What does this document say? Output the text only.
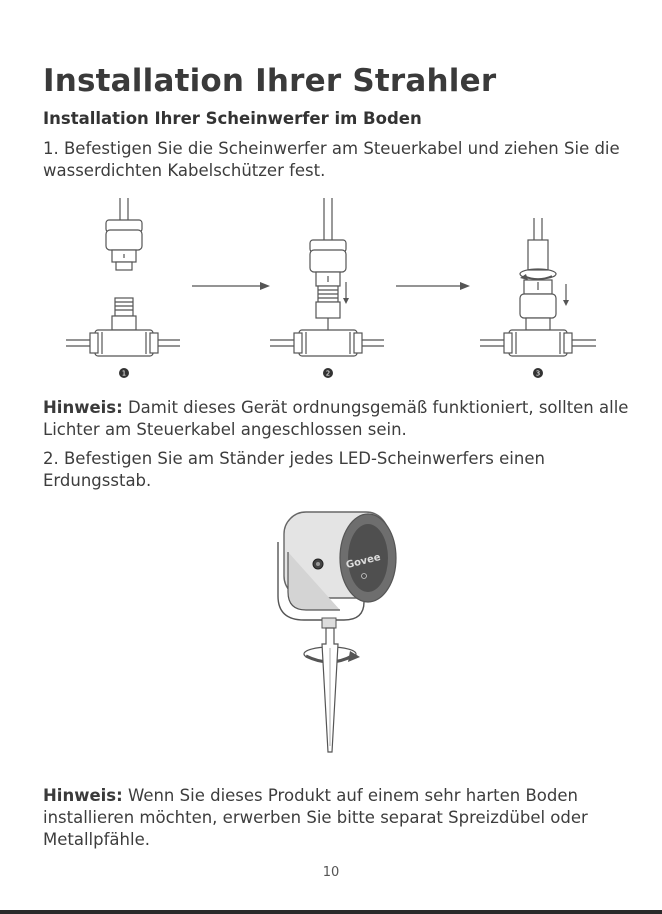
Installation Ihrer Strahler
Installation Ihrer Scheinwerfer im Boden

1. Befestigen Sie die Scheinwerfer am Steuerkabel und ziehen Sie die wasserdichten Kabelschützer fest.

1	2	3

Hinweis: Damit dieses Gerät ordnungsgemäß funktioniert, sollten alle Lichter am Steuerkabel angeschlossen sein.

2. Befestigen Sie am Ständer jedes LED-Scheinwerfers einen Erdungsstab.

Govee

Hinweis: Wenn Sie dieses Produkt auf einem sehr harten Boden installieren möchten, erwerben Sie bitte separat Spreizdübel oder Metallpfähle.

10
